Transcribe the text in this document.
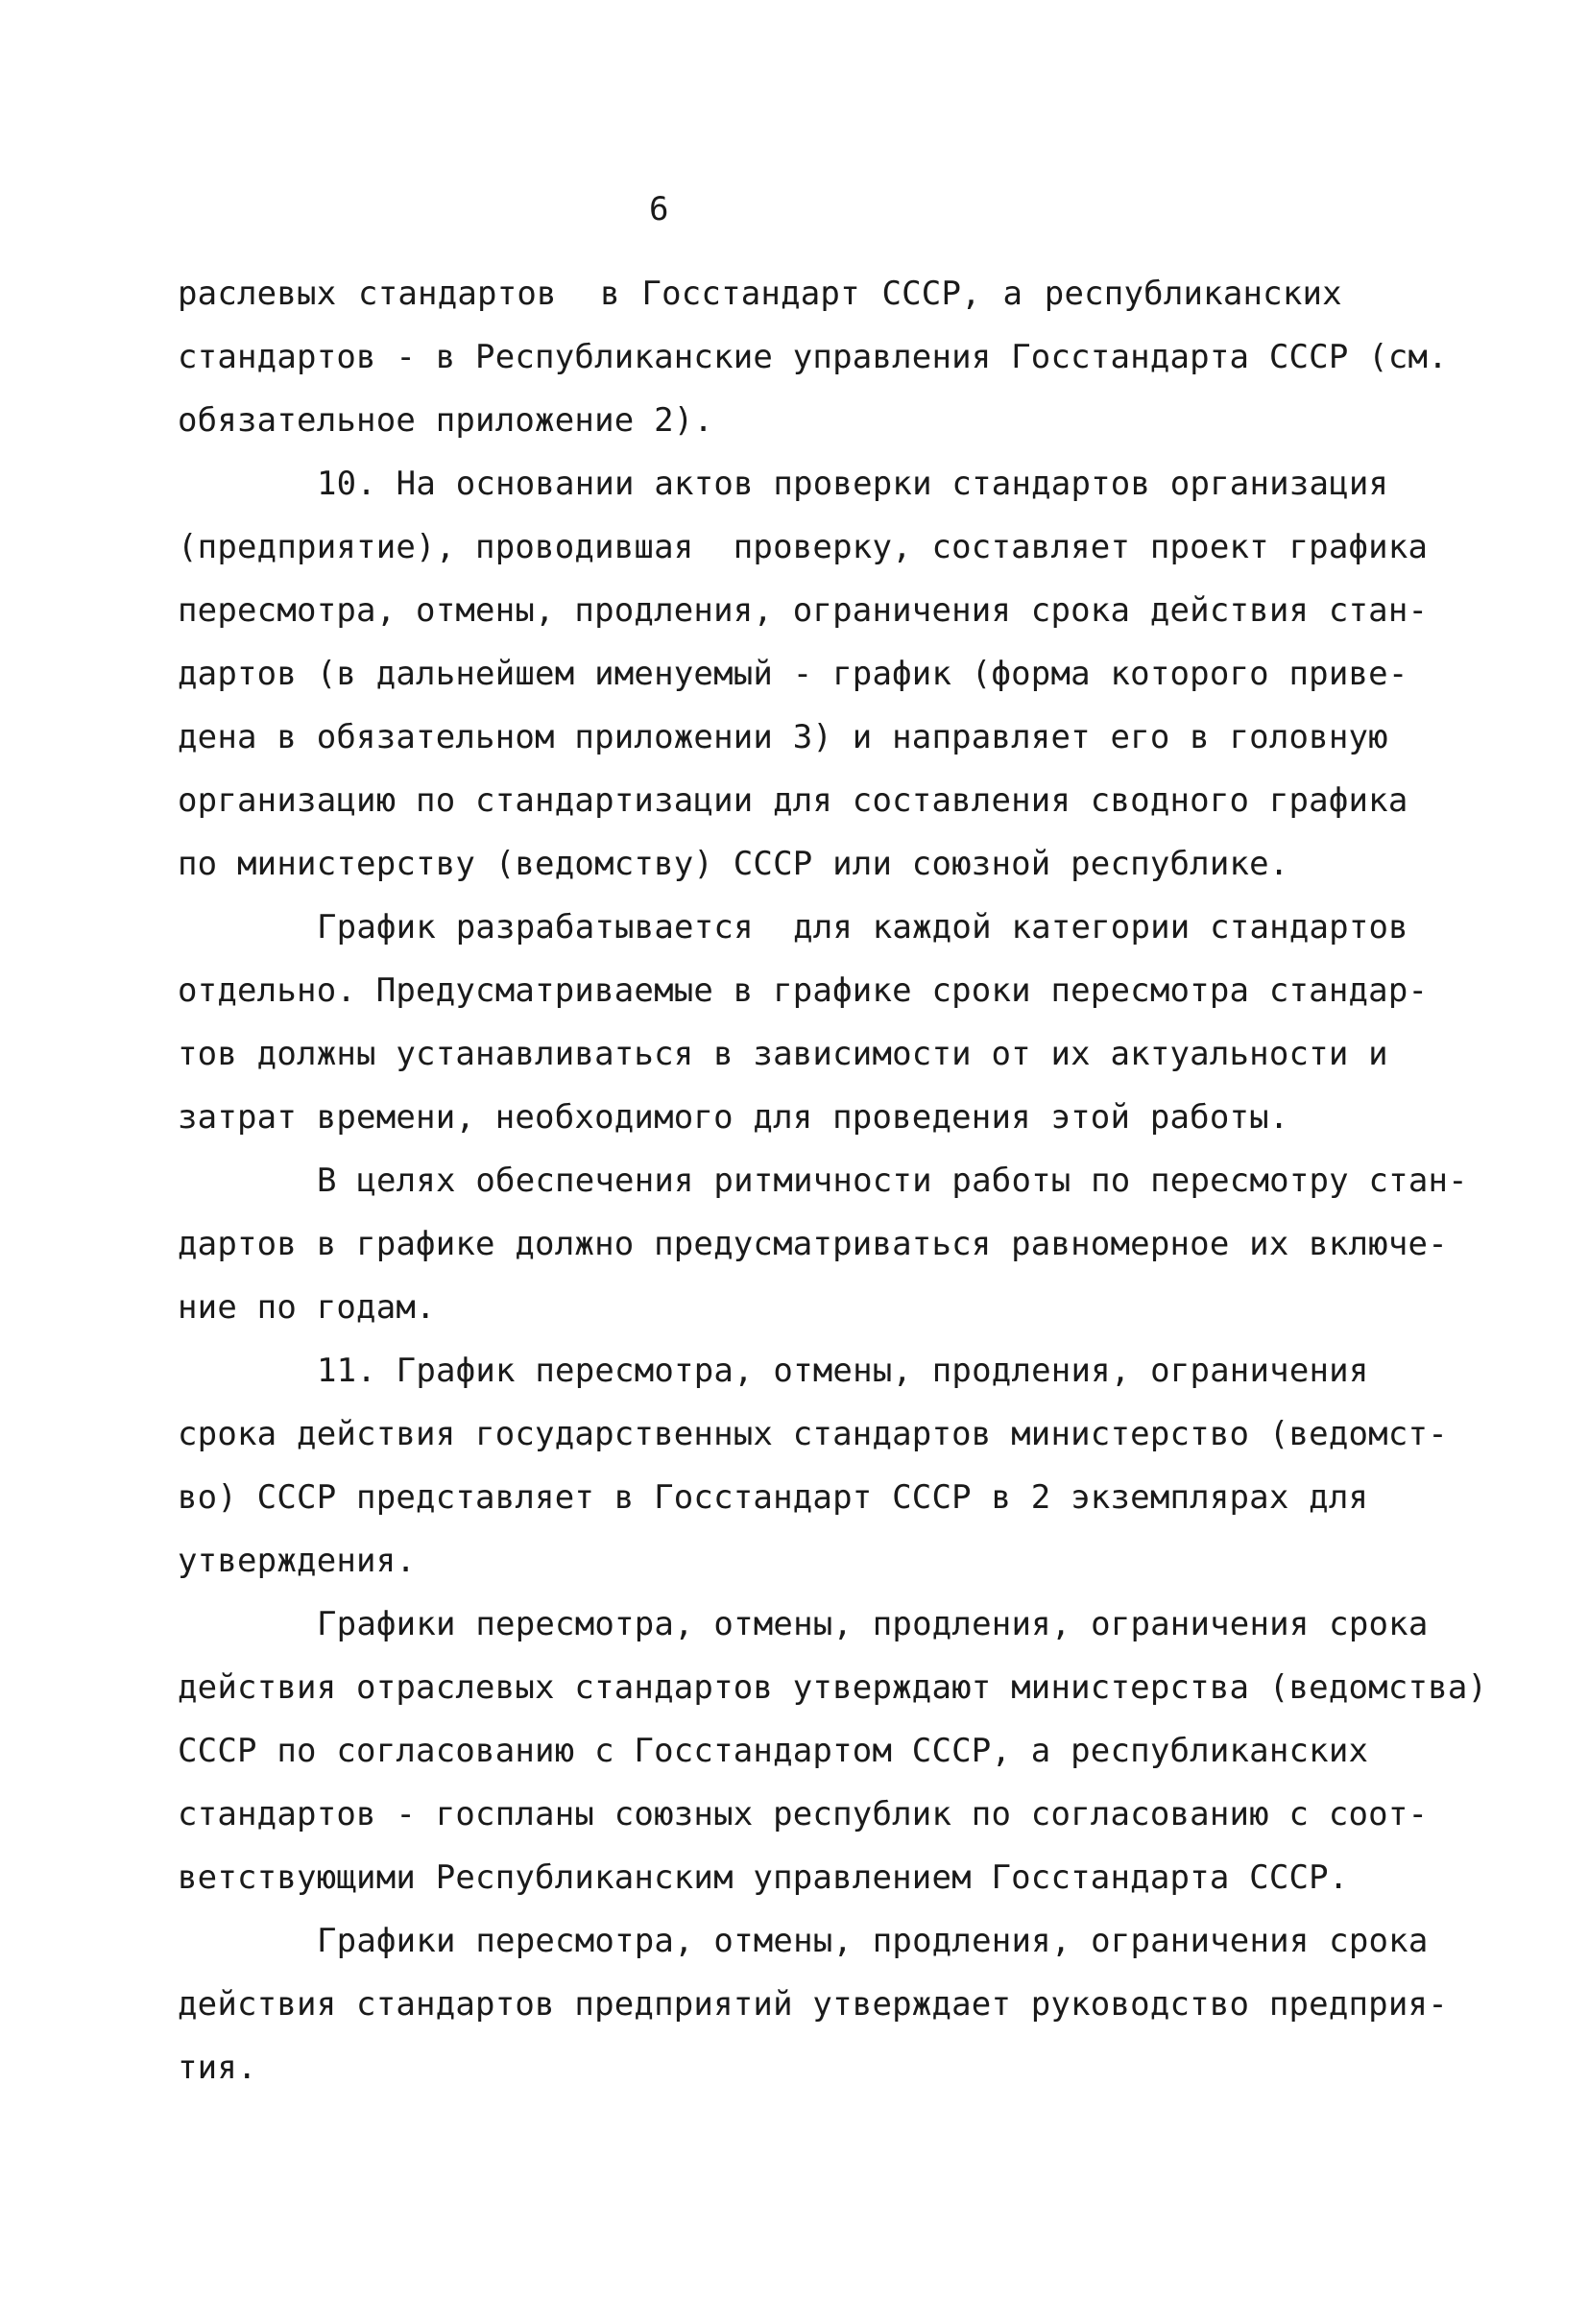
6
раслевых стандартов  в Госстандарт СССР, а республиканских
стандартов - в Республиканские управления Госстандарта СССР (см.
обязательное приложение 2).
10. На основании актов проверки стандартов организация
(предприятие), проводившая  проверку, составляет проект графика
пересмотра, отмены, продления, ограничения срока действия стан-
дартов (в дальнейшем именуемый - график (форма которого приве-
дена в обязательном приложении 3) и направляет его в головную
организацию по стандартизации для составления сводного графика
по министерству (ведомству) СССР или союзной республике.
График разрабатывается  для каждой категории стандартов
отдельно. Предусматриваемые в графике сроки пересмотра стандар-
тов должны устанавливаться в зависимости от их актуальности и
затрат времени, необходимого для проведения этой работы.
В целях обеспечения ритмичности работы по пересмотру стан-
дартов в графике должно предусматриваться равномерное их включе-
ние по годам.
11. График пересмотра, отмены, продления, ограничения
срока действия государственных стандартов министерство (ведомст-
во) СССР представляет в Госстандарт СССР в 2 экземплярах для
утверждения.
Графики пересмотра, отмены, продления, ограничения срока
действия отраслевых стандартов утверждают министерства (ведомства)
СССР по согласованию с Госстандартом СССР, а республиканских
стандартов - госпланы союзных республик по согласованию с соот-
ветствующими Республиканским управлением Госстандарта СССР.
Графики пересмотра, отмены, продления, ограничения срока
действия стандартов предприятий утверждает руководство предприя-
тия.
